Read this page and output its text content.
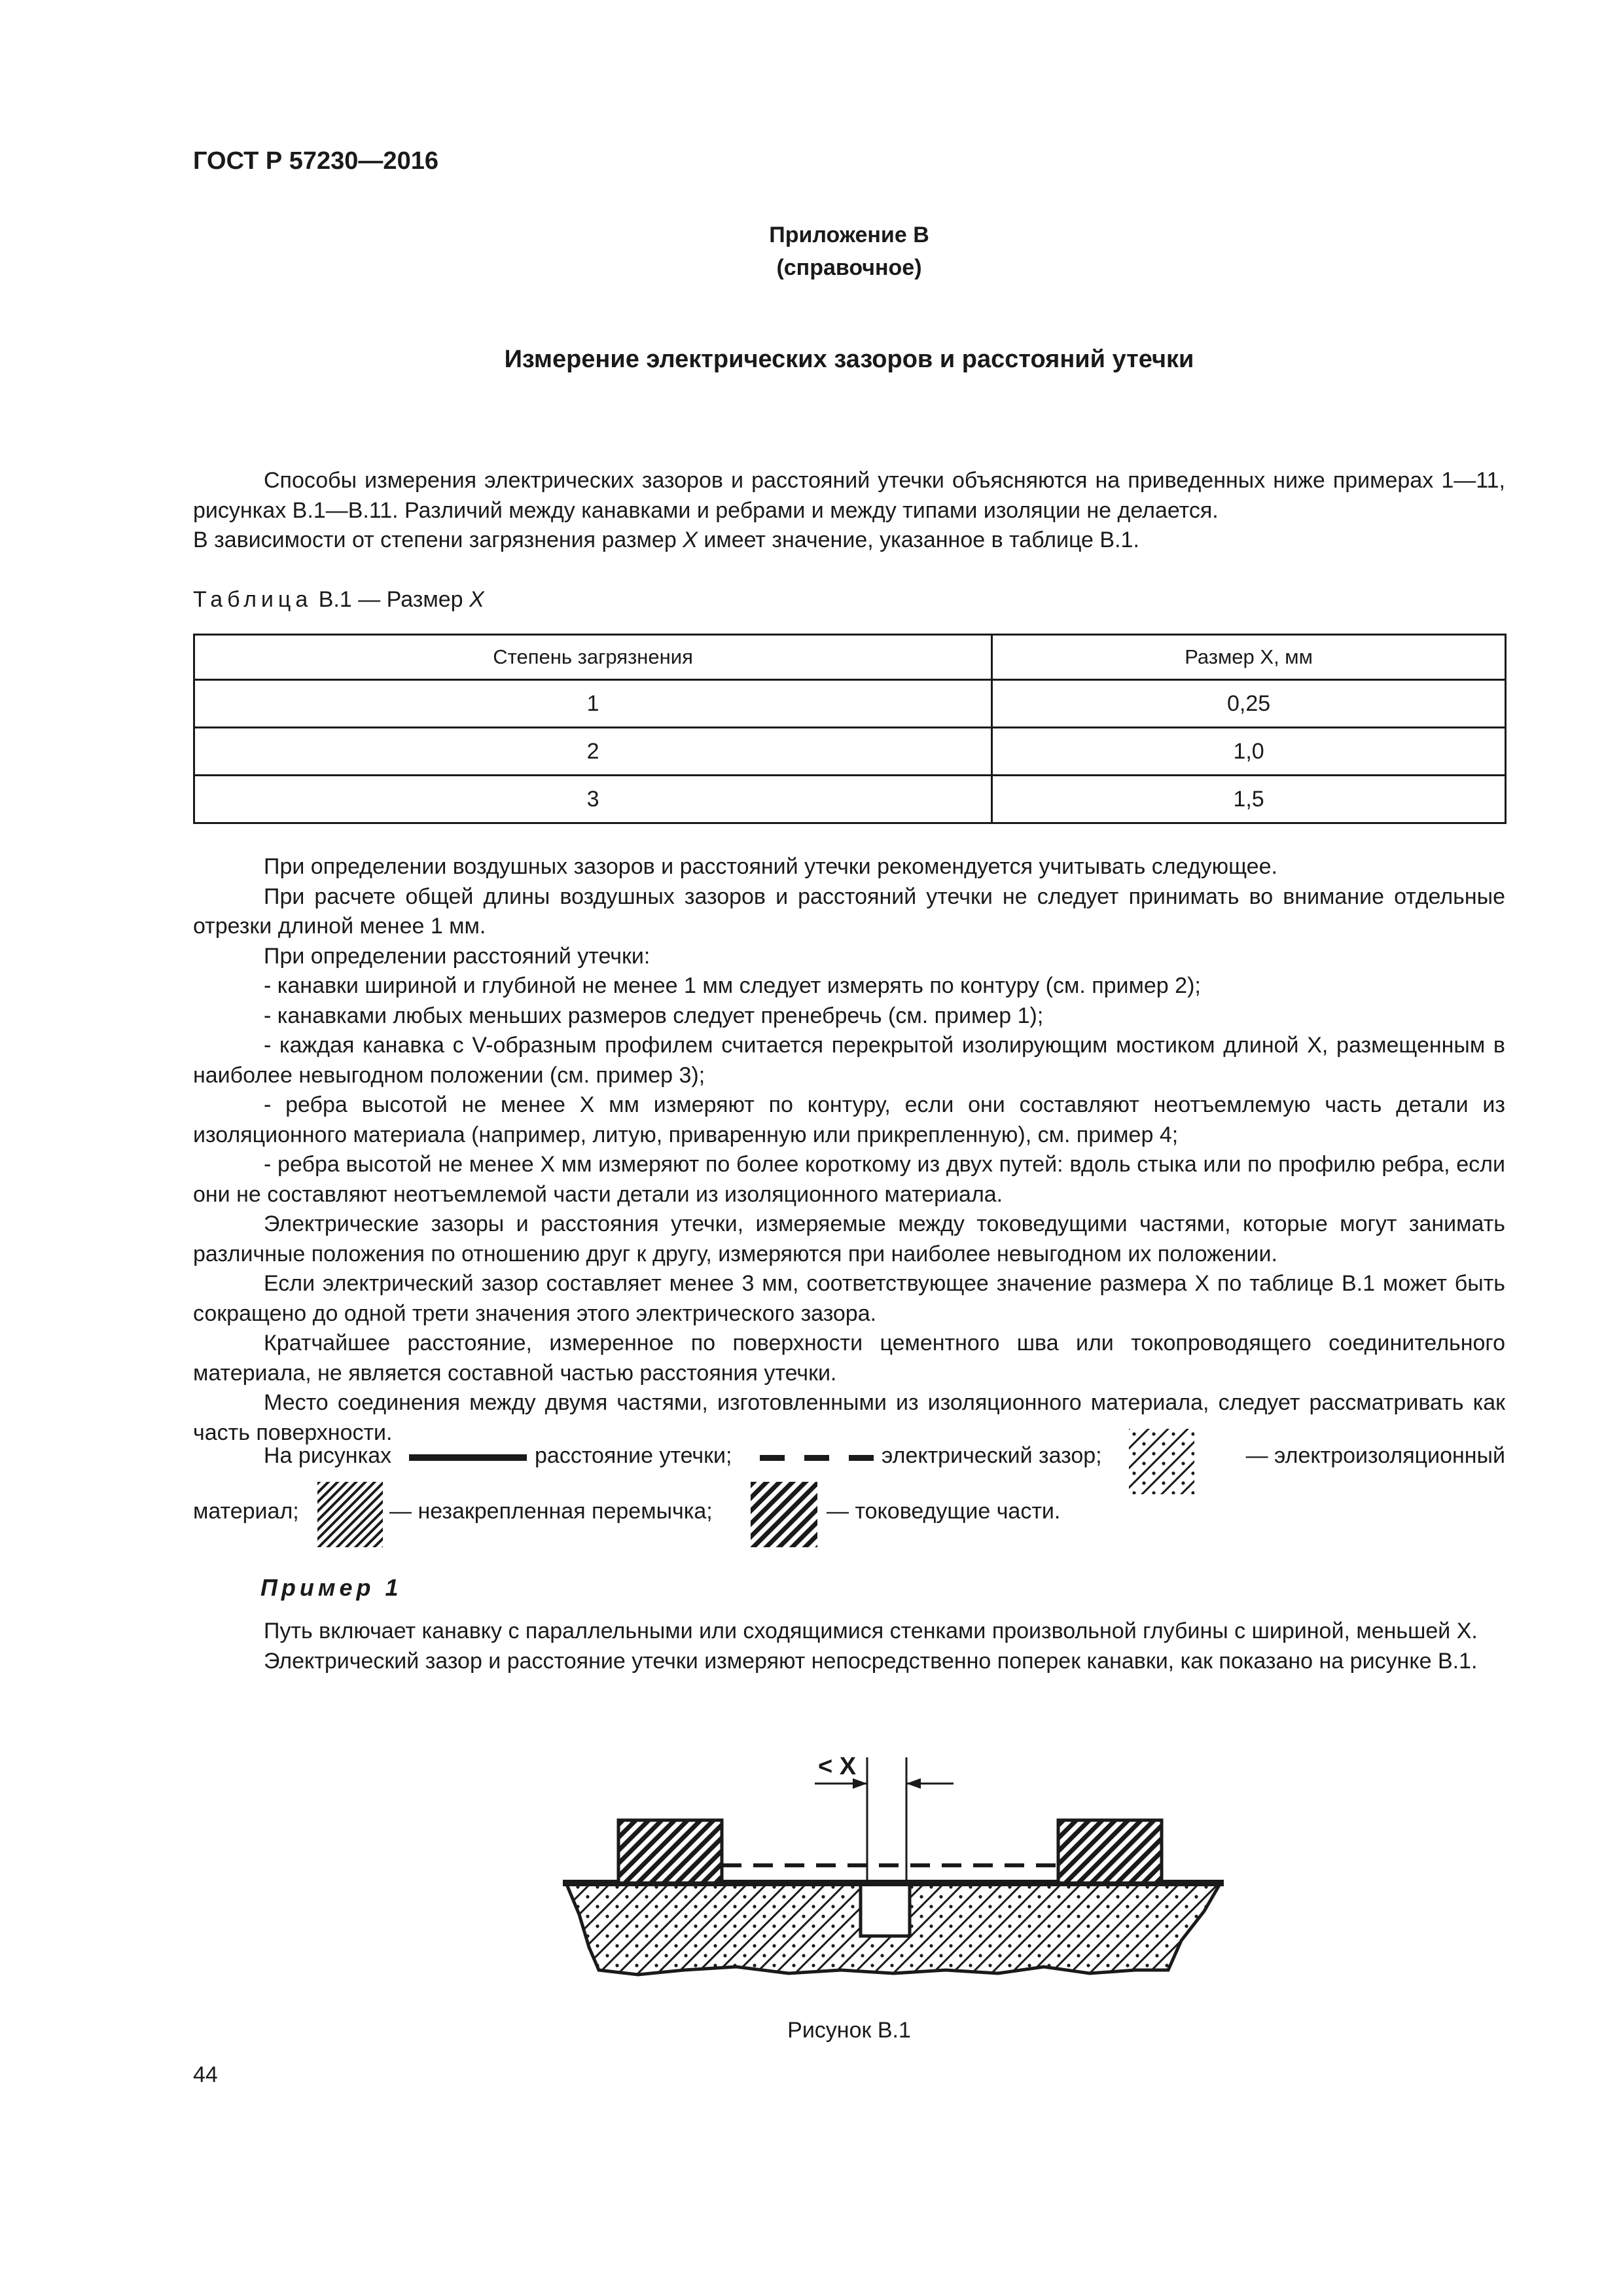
ГОСТ Р 57230—2016
Приложение В
(справочное)
Измерение электрических зазоров и расстояний утечки

Способы измерения электрических зазоров и расстояний утечки объясняются на приведенных ниже примерах 1—11, рисунках В.1—В.11. Различий между канавками и ребрами и между типами изоляции не делается.

В зависимости от степени загрязнения размер X имеет значение, указанное в таблице В.1.

Таблица В.1 — Размер X
Степень загрязнения	Размер X, мм
1	0,25
2	1,0
3	1,5

При определении воздушных зазоров и расстояний утечки рекомендуется учитывать следующее.

При расчете общей длины воздушных зазоров и расстояний утечки не следует принимать во внимание отдельные отрезки длиной менее 1 мм.

При определении расстояний утечки:

- канавки шириной и глубиной не менее 1 мм следует измерять по контуру (см. пример 2);

- канавками любых меньших размеров следует пренебречь (см. пример 1);

- каждая канавка с V-образным профилем считается перекрытой изолирующим мостиком длиной X, размещенным в наиболее невыгодном положении (см. пример 3);

- ребра высотой не менее X мм измеряют по контуру, если они составляют неотъемлемую часть детали из изоляционного материала (например, литую, приваренную или прикрепленную), см. пример 4;

- ребра высотой не менее X мм измеряют по более короткому из двух путей: вдоль стыка или по профилю ребра, если они не составляют неотъемлемой части детали из изоляционного материала.

Электрические зазоры и расстояния утечки, измеряемые между токоведущими частями, которые могут занимать различные положения по отношению друг к другу, измеряются при наиболее невыгодном их положении.

Если электрический зазор составляет менее 3 мм, соответствующее значение размера X по таблице В.1 может быть сокращено до одной трети значения этого электрического зазора.

Кратчайшее расстояние, измеренное по поверхности цементного шва или токопроводящего соединительного материала, не является составной частью расстояния утечки.

Место соединения между двумя частями, изготовленными из изоляционного материала, следует рассматривать как часть поверхности.

На рисунках	расстояние утечки;	электрический зазор;	— электроизоляционный
материал;	— незакрепленная перемычка;	— токоведущие части.
Пример 1

Путь включает канавку с параллельными или сходящимися стенками произвольной глубины с шириной, меньшей X.

Электрический зазор и расстояние утечки измеряют непосредственно поперек канавки, как показано на рисунке В.1.

< X
Рисунок В.1
44
